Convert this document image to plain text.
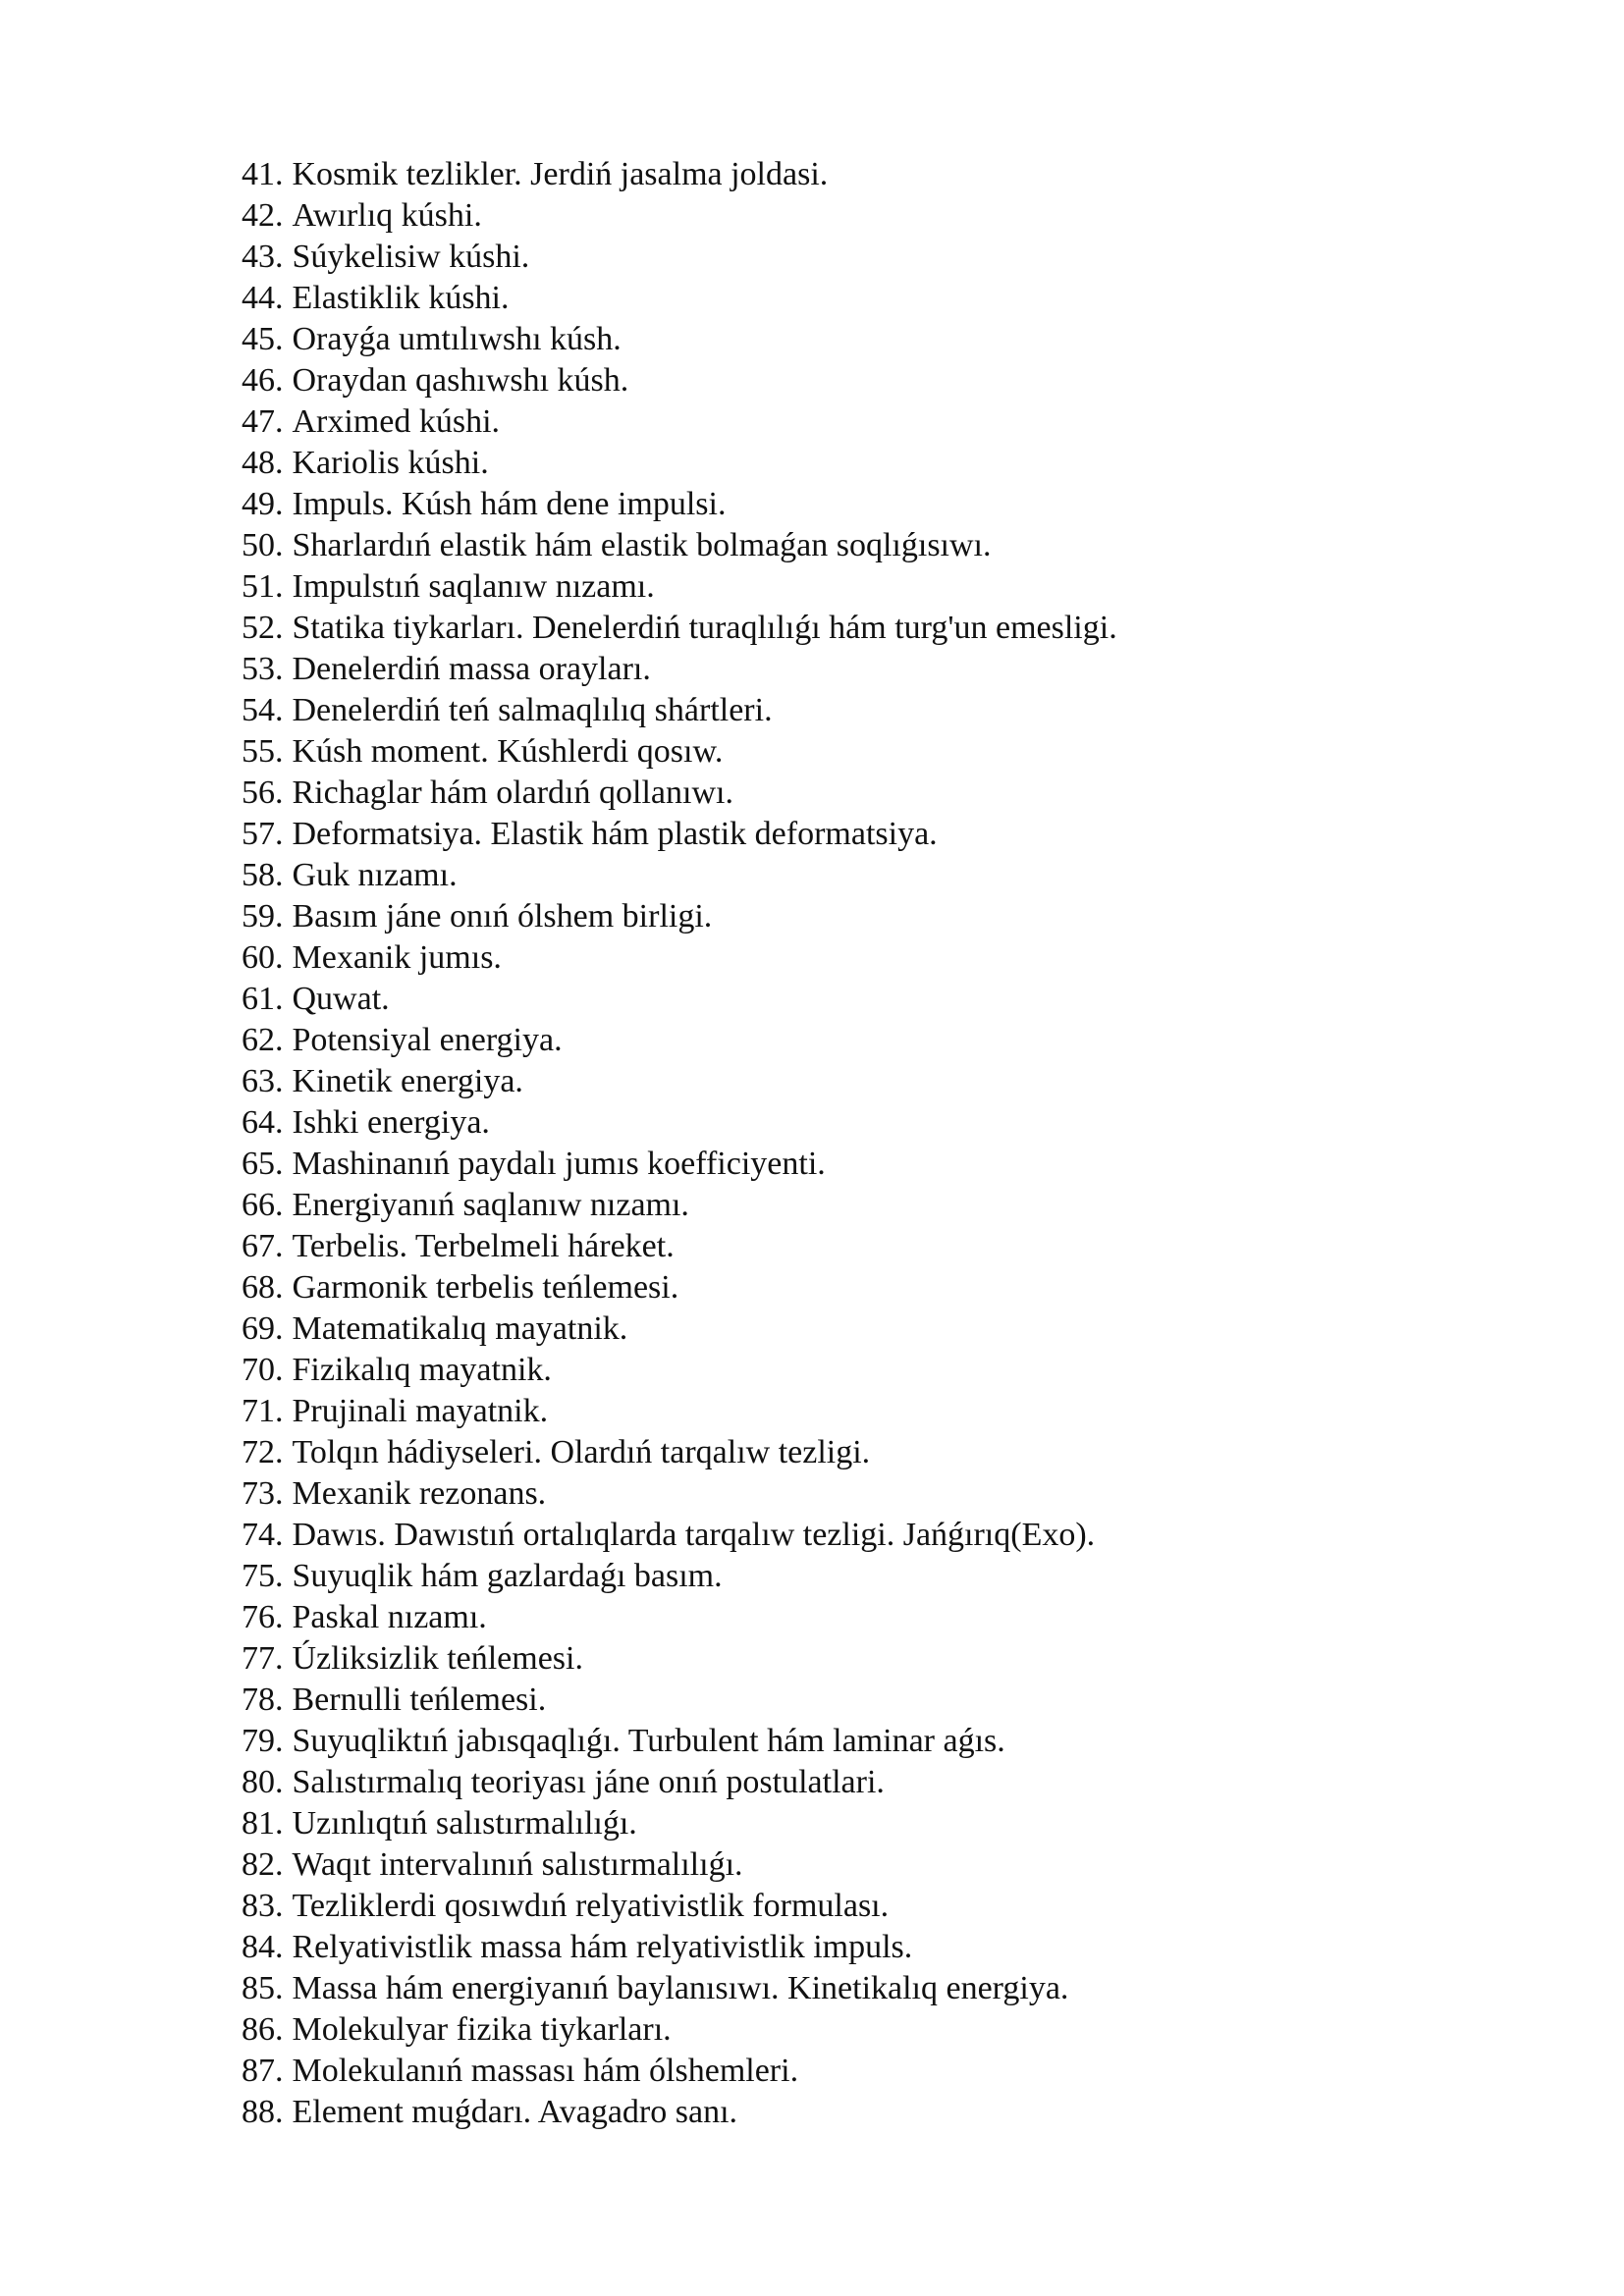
41. Kosmik tezlikler. Jerdiń jasalma joldasi.
42. Awırlıq kúshi.
43. Súykelisiw kúshi.
44. Elastiklik kúshi.
45. Orayǵa umtılıwshı kúsh.
46. Oraydan qashıwshı kúsh.
47. Arximed kúshi.
48. Kariolis kúshi.
49. Impuls. Kúsh hám dene impulsi.
50. Sharlardıń elastik hám elastik bolmaǵan soqlıǵısıwı.
51. Impulstıń saqlanıw nızamı.
52. Statika tiykarları. Denelerdiń turaqlılıǵı hám turg'un emesligi.
53. Denelerdiń massa orayları.
54. Denelerdiń teń salmaqlılıq shártleri.
55. Kúsh moment. Kúshlerdi qosıw.
56. Richaglar hám olardıń qollanıwı.
57. Deformatsiya. Elastik hám plastik deformatsiya.
58. Guk nızamı.
59. Basım jáne onıń ólshem birligi.
60. Mexanik jumıs.
61. Quwat.
62. Potensiyal energiya.
63. Kinetik energiya.
64. Ishki energiya.
65. Mashinanıń paydalı jumıs koefficiyenti.
66. Energiyanıń saqlanıw nızamı.
67. Terbelis. Terbelmeli háreket.
68. Garmonik terbelis teńlemesi.
69. Matematikalıq mayatnik.
70. Fizikalıq mayatnik.
71. Prujinali mayatnik.
72. Tolqın hádiyseleri. Olardıń tarqalıw tezligi.
73. Mexanik rezonans.
74. Dawıs. Dawıstıń ortalıqlarda tarqalıw tezligi. Jańǵırıq(Exo).
75. Suyuqlik hám gazlardaǵı basım.
76. Paskal nızamı.
77. Úzliksizlik teńlemesi.
78. Bernulli teńlemesi.
79. Suyuqliktıń jabısqaqlıǵı. Turbulent hám laminar aǵıs.
80. Salıstırmalıq teoriyası jáne onıń postulatlari.
81. Uzınlıqtıń salıstırmalılıǵı.
82. Waqıt intervalınıń salıstırmalılıǵı.
83. Tezliklerdi qosıwdıń relyativistlik formulası.
84. Relyativistlik massa hám relyativistlik impuls.
85. Massa hám energiyanıń baylanısıwı. Kinetikalıq energiya.
86. Molekulyar fizika tiykarları.
87. Molekulanıń massası hám ólshemleri.
88. Element muǵdarı. Avagadro sanı.
